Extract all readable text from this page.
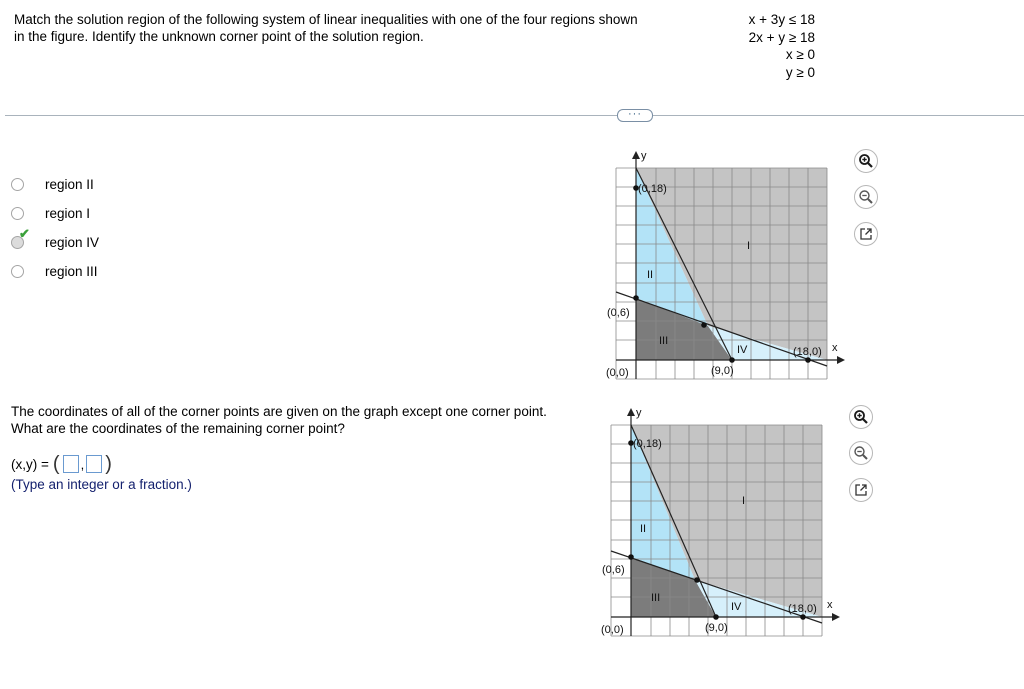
Match the solution region of the following system of linear inequalities with one of the four regions shown
in the figure. Identify the unknown corner point of the solution region.
x + 3y ≤ 18
2x + y ≥ 18
x ≥ 0
y ≥ 0
···
region II
region I
✔
region IV
region III
The coordinates of all of the corner points are given on the graph except one corner point.
What are the coordinates of the remaining corner point?
(x,y) = ( , )
(Type an integer or a fraction.)
y
x
(0,18)
(0,6)
(0,0)	(9,0)
(18,0)
I
II
III
IV
y
x
(0,18)
(0,6)
(0,0)	(9,0)
(18,0)
I
II
III
IV
